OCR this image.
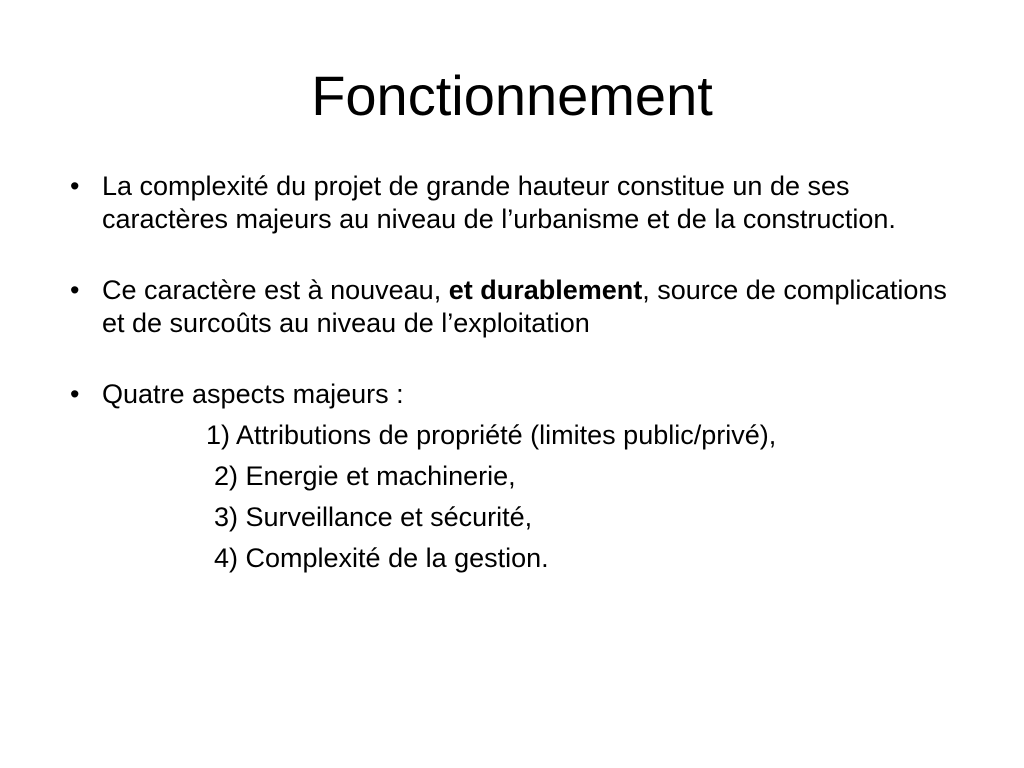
Fonctionnement
• La complexité du projet de grande hauteur constitue un de ses caractères majeurs au niveau de l’urbanisme et de la construction.
• Ce caractère est à nouveau, et durablement, source de complications et de surcoûts au niveau de l’exploitation
• Quatre aspects majeurs :
1) Attributions de propriété (limites public/privé),
2) Energie et machinerie,
3) Surveillance et sécurité,
4) Complexité de la gestion.
